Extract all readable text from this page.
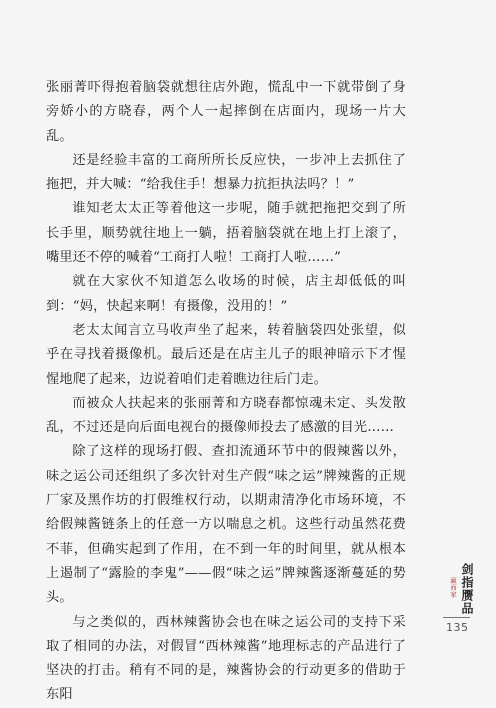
张丽菁吓得抱着脑袋就想往店外跑，慌乱中一下就带倒了身旁娇小的方晓春，两个人一起摔倒在店面内，现场一片大乱。

还是经验丰富的工商所所长反应快，一步冲上去抓住了拖把，并大喊：“给我住手！想暴力抗拒执法吗？！”

谁知老太太正等着他这一步呢，随手就把拖把交到了所长手里，顺势就往地上一躺，捂着脑袋就在地上打上滚了，嘴里还不停的喊着“工商打人啦！工商打人啦……”

就在大家伙不知道怎么收场的时候，店主却低低的叫到：“妈，快起来啊！有摄像，没用的！”

老太太闻言立马收声坐了起来，转着脑袋四处张望，似乎在寻找着摄像机。最后还是在店主儿子的眼神暗示下才惺惺地爬了起来，边说着咱们走着瞧边往后门走。

而被众人扶起来的张丽菁和方晓春都惊魂未定、头发散乱，不过还是向后面电视台的摄像师投去了感激的目光……

除了这样的现场打假、查扣流通环节中的假辣酱以外，味之运公司还组织了多次针对生产假“味之运”牌辣酱的正规厂家及黑作坊的打假维权行动，以期肃清净化市场环境，不给假辣酱链条上的任意一方以喘息之机。这些行动虽然花费不菲，但确实起到了作用，在不到一年的时间里，就从根本上遏制了“露脸的李鬼”——假“味之运”牌辣酱逐渐蔓延的势头。

与之类似的，西林辣酱协会也在味之运公司的支持下采取了相同的办法，对假冒“西林辣酱”地理标志的产品进行了坚决的打击。稍有不同的是，辣酱协会的行动更多的借助于东阳

剑指赝品
赢商家
135
